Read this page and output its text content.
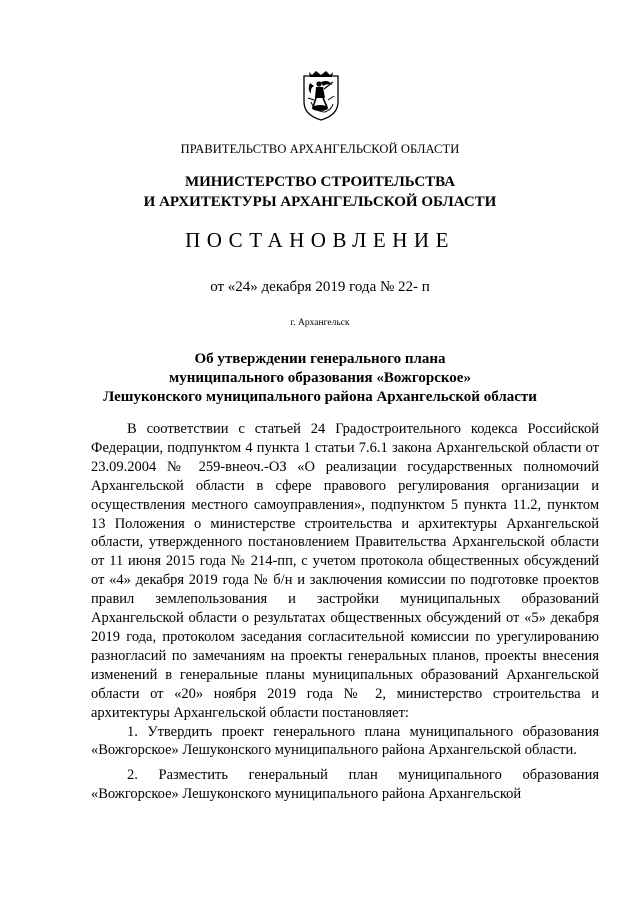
ПРАВИТЕЛЬСТВО АРХАНГЕЛЬСКОЙ ОБЛАСТИ
МИНИСТЕРСТВО СТРОИТЕЛЬСТВА
И АРХИТЕКТУРЫ АРХАНГЕЛЬСКОЙ ОБЛАСТИ
ПОСТАНОВЛЕНИЕ
от «24» декабря 2019 года № 22- п
г. Архангельск
Об утверждении генерального плана
муниципального образования «Вожгорское»
Лешуконского муниципального района Архангельской области

В соответствии с статьей 24 Градостроительного кодекса Российской Федерации, подпунктом 4 пункта 1 статьи 7.6.1 закона Архангельской области от 23.09.2004 № 259-внеоч.-ОЗ «О реализации государственных полномочий Архангельской области в сфере правового регулирования организации и осуществления местного самоуправления», подпунктом 5 пункта 11.2, пунктом 13 Положения о министерстве строительства и архитектуры Архангельской области, утвержденного постановлением Правительства Архангельской области от 11 июня 2015 года № 214-пп, с учетом протокола общественных обсуждений от «4» декабря 2019 года № б/н и заключения комиссии по подготовке проектов правил землепользования и застройки муниципальных образований Архангельской области о результатах общественных обсуждений от «5» декабря 2019 года, протоколом заседания согласительной комиссии по урегулированию разногласий по замечаниям на проекты генеральных планов, проекты внесения изменений в генеральные планы муниципальных образований Архангельской области от «20» ноября 2019 года № 2, министерство строительства и архитектуры Архангельской области постановляет:

1. Утвердить проект генерального плана муниципального образования «Вожгорское» Лешуконского муниципального района Архангельской области.

2. Разместить генеральный план муниципального образования «Вожгорское» Лешуконского муниципального района Архангельской
